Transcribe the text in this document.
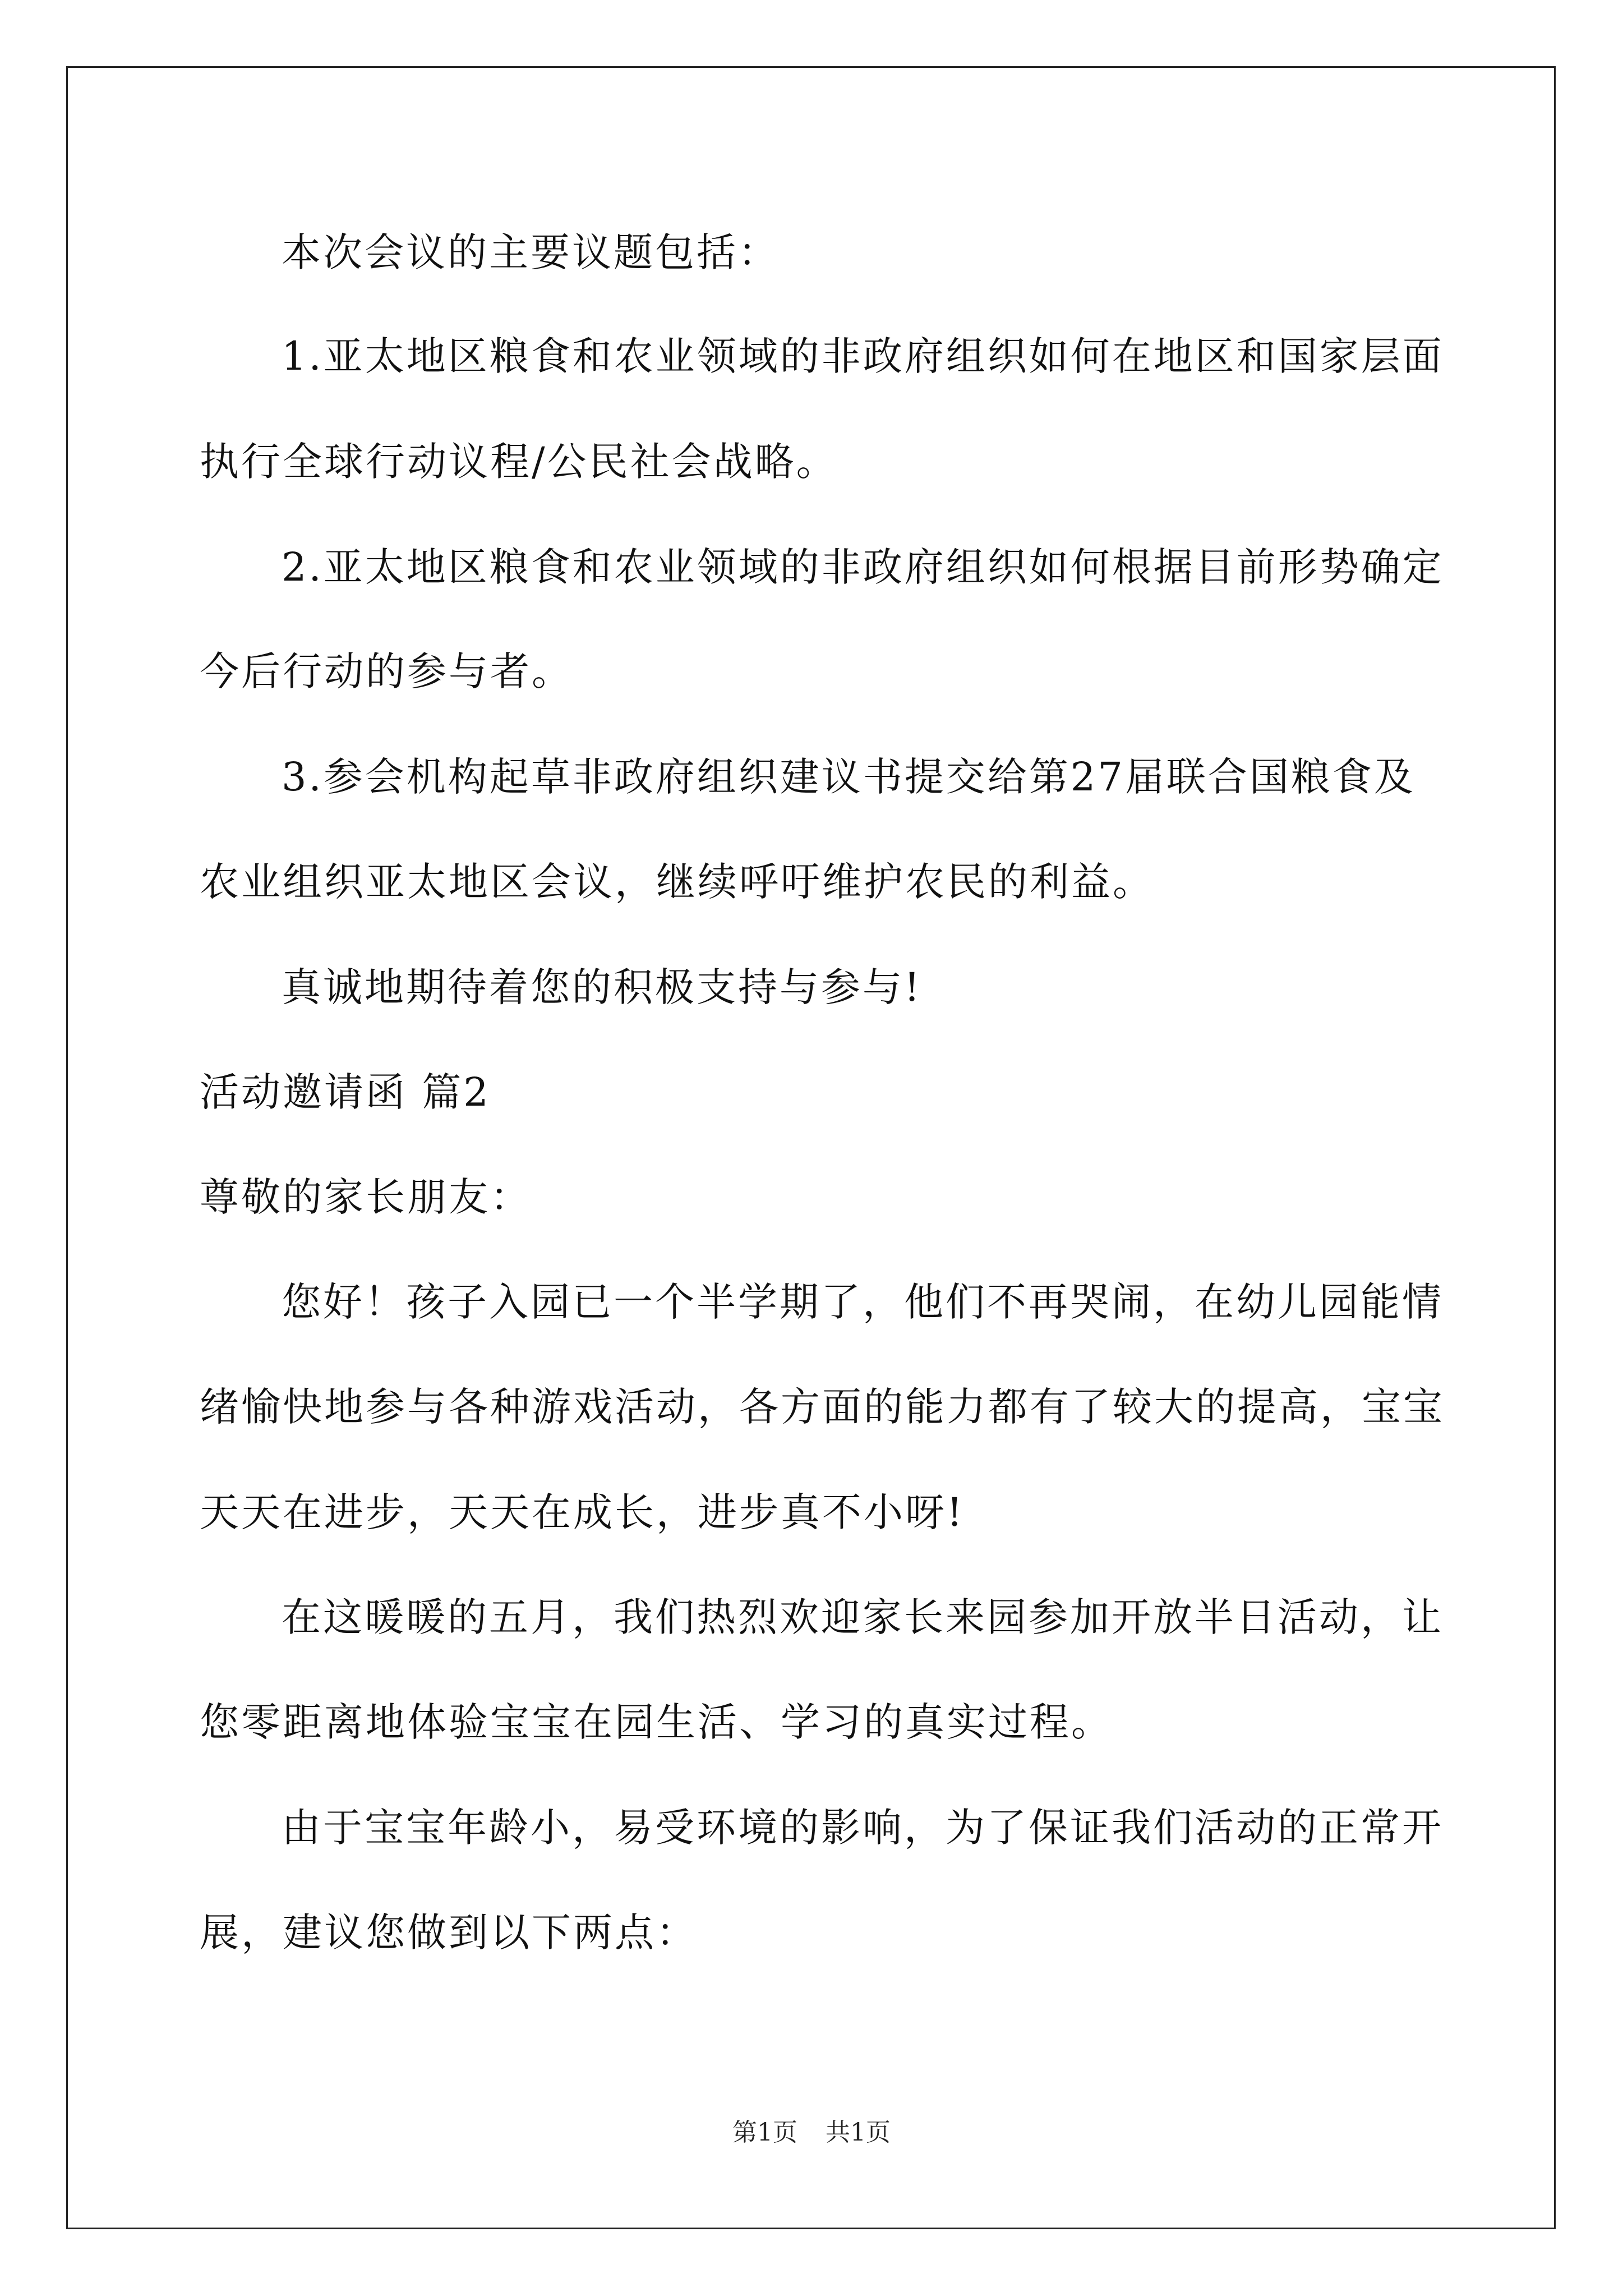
本次会议的主要议题包括：
1.亚太地区粮食和农业领域的非政府组织如何在地区和国家层面
执行全球行动议程/公民社会战略。
2.亚太地区粮食和农业领域的非政府组织如何根据目前形势确定
今后行动的参与者。
3.参会机构起草非政府组织建议书提交给第27届联合国粮食及
农业组织亚太地区会议，继续呼吁维护农民的利益。
真诚地期待着您的积极支持与参与!
活动邀请函 篇2
尊敬的家长朋友：
您好！孩子入园已一个半学期了，他们不再哭闹，在幼儿园能情
绪愉快地参与各种游戏活动，各方面的能力都有了较大的提高，宝宝
天天在进步，天天在成长，进步真不小呀!
在这暖暖的五月，我们热烈欢迎家长来园参加开放半日活动，让
您零距离地体验宝宝在园生活、学习的真实过程。
由于宝宝年龄小，易受环境的影响，为了保证我们活动的正常开
展，建议您做到以下两点：
第1页 共1页
